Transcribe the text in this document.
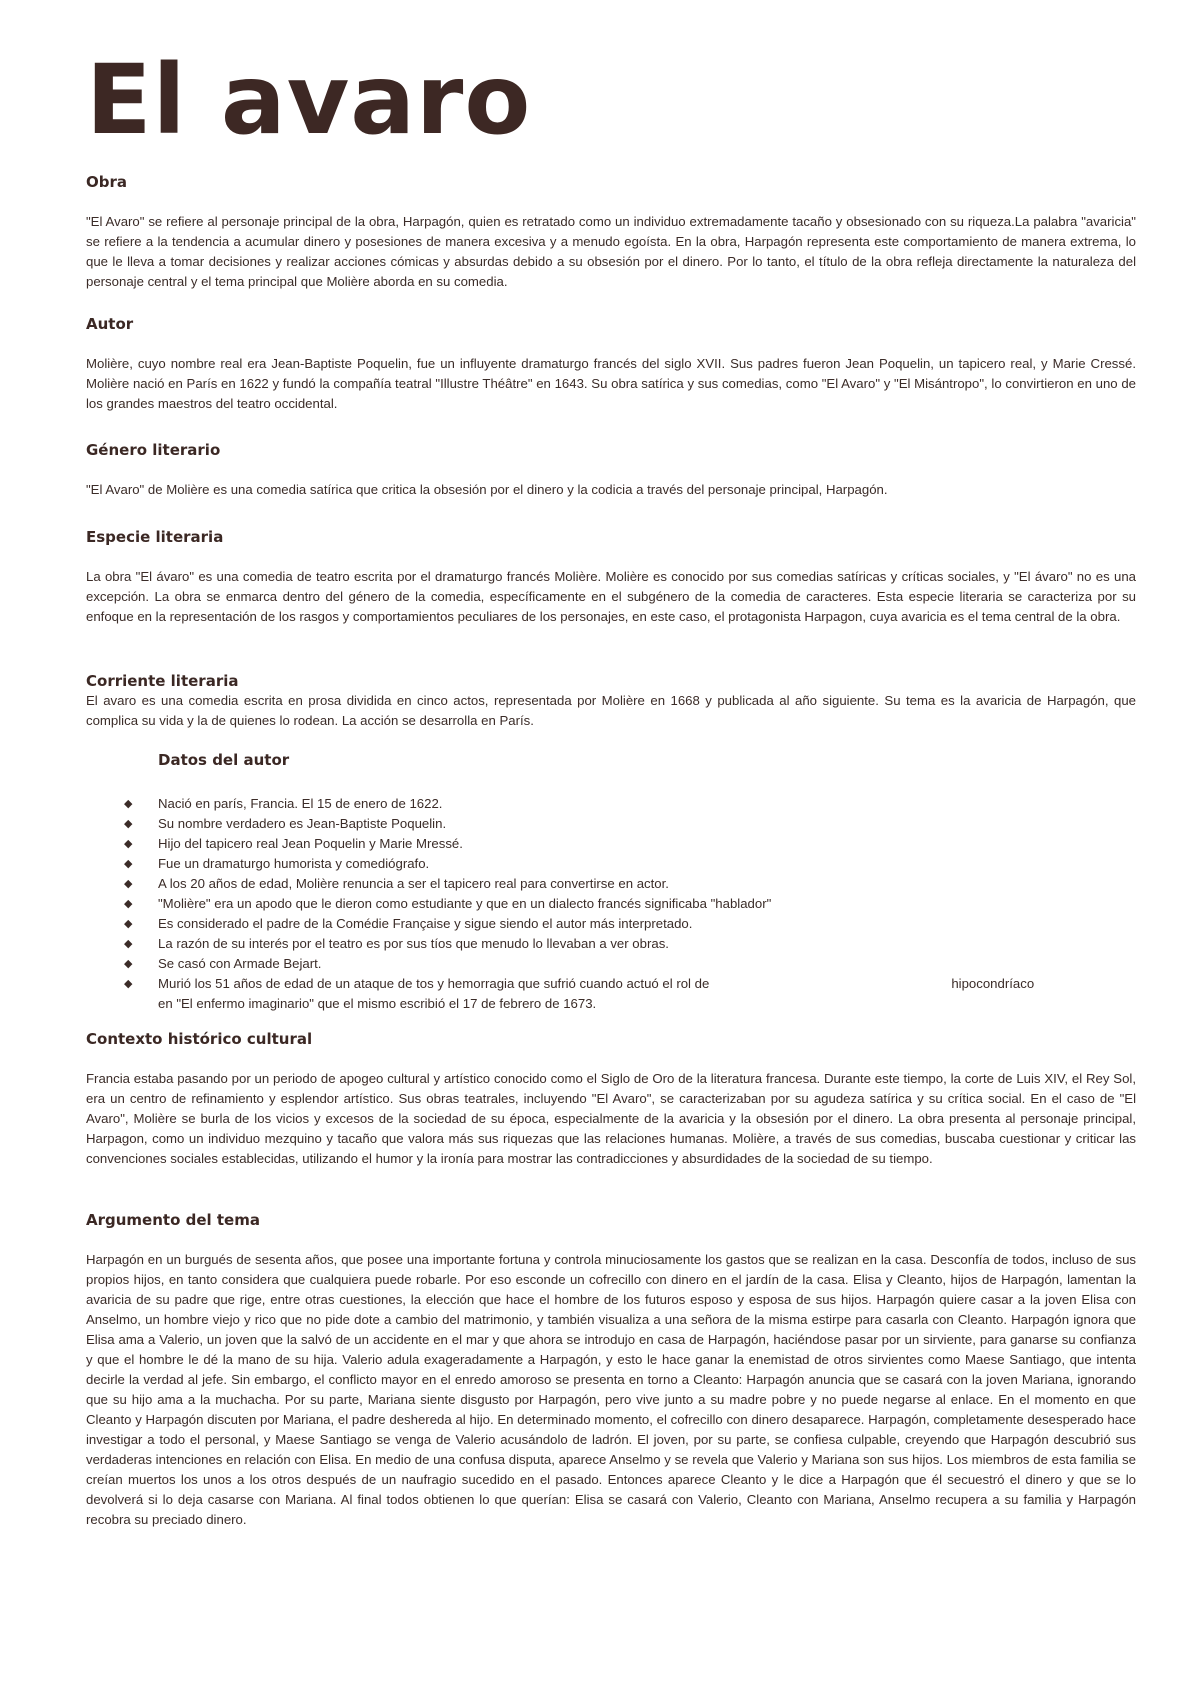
El avaro
Obra

"El Avaro" se refiere al personaje principal de la obra, Harpagón, quien es retratado como un individuo extremadamente tacaño y obsesionado con su riqueza.La palabra "avaricia" se refiere a la tendencia a acumular dinero y posesiones de manera excesiva y a menudo egoísta. En la obra, Harpagón representa este comportamiento de manera extrema, lo que le lleva a tomar decisiones y realizar acciones cómicas y absurdas debido a su obsesión por el dinero. Por lo tanto, el título de la obra refleja directamente la naturaleza del personaje central y el tema principal que Molière aborda en su comedia.

Autor

Molière, cuyo nombre real era Jean-Baptiste Poquelin, fue un influyente dramaturgo francés del siglo XVII. Sus padres fueron Jean Poquelin, un tapicero real, y Marie Cressé. Molière nació en París en 1622 y fundó la compañía teatral "Illustre Théâtre" en 1643. Su obra satírica y sus comedias, como "El Avaro" y "El Misántropo", lo convirtieron en uno de los grandes maestros del teatro occidental.

Género literario

"El Avaro" de Molière es una comedia satírica que critica la obsesión por el dinero y la codicia a través del personaje principal, Harpagón.

Especie literaria

La obra "El ávaro" es una comedia de teatro escrita por el dramaturgo francés Molière. Molière es conocido por sus comedias satíricas y críticas sociales, y "El ávaro" no es una excepción. La obra se enmarca dentro del género de la comedia, específicamente en el subgénero de la comedia de caracteres. Esta especie literaria se caracteriza por su enfoque en la representación de los rasgos y comportamientos peculiares de los personajes, en este caso, el protagonista Harpagon, cuya avaricia es el tema central de la obra.

Corriente literaria

El avaro es una comedia escrita en prosa dividida en cinco actos, representada por Molière en 1668 y publicada al año siguiente. Su tema es la avaricia de Harpagón, que complica su vida y la de quienes lo rodean. La acción se desarrolla en París.

Datos del autor
◆ Nació en parís, Francia. El 15 de enero de 1622.
◆ Su nombre verdadero es Jean-Baptiste Poquelin.
◆ Hijo del tapicero real Jean Poquelin y Marie Mressé.
◆ Fue un dramaturgo humorista y comediógrafo.
◆ A los 20 años de edad, Molière renuncia a ser el tapicero real para convertirse en actor.
◆ "Molière" era un apodo que le dieron como estudiante y que en un dialecto francés significaba "hablador"
◆ Es considerado el padre de la Comédie Française y sigue siendo el autor más interpretado.
◆ La razón de su interés por el teatro es por sus tíos que menudo lo llevaban a ver obras.
◆ Se casó con Armade Bejart.
◆ Murió los 51 años de edad de un ataque de tos y hemorragia que sufrió cuando actuó el rol de	hipocondríaco
en "El enfermo imaginario" que el mismo escribió el 17 de febrero de 1673.
Contexto histórico cultural

Francia estaba pasando por un periodo de apogeo cultural y artístico conocido como el Siglo de Oro de la literatura francesa. Durante este tiempo, la corte de Luis XIV, el Rey Sol, era un centro de refinamiento y esplendor artístico. Sus obras teatrales, incluyendo "El Avaro", se caracterizaban por su agudeza satírica y su crítica social. En el caso de "El Avaro", Molière se burla de los vicios y excesos de la sociedad de su época, especialmente de la avaricia y la obsesión por el dinero. La obra presenta al personaje principal, Harpagon, como un individuo mezquino y tacaño que valora más sus riquezas que las relaciones humanas. Molière, a través de sus comedias, buscaba cuestionar y criticar las convenciones sociales establecidas, utilizando el humor y la ironía para mostrar las contradicciones y absurdidades de la sociedad de su tiempo.

Argumento del tema

Harpagón en un burgués de sesenta años, que posee una importante fortuna y controla minuciosamente los gastos que se realizan en la casa. Desconfía de todos, incluso de sus propios hijos, en tanto considera que cualquiera puede robarle. Por eso esconde un cofrecillo con dinero en el jardín de la casa. Elisa y Cleanto, hijos de Harpagón, lamentan la avaricia de su padre que rige, entre otras cuestiones, la elección que hace el hombre de los futuros esposo y esposa de sus hijos. Harpagón quiere casar a la joven Elisa con Anselmo, un hombre viejo y rico que no pide dote a cambio del matrimonio, y también visualiza a una señora de la misma estirpe para casarla con Cleanto. Harpagón ignora que Elisa ama a Valerio, un joven que la salvó de un accidente en el mar y que ahora se introdujo en casa de Harpagón, haciéndose pasar por un sirviente, para ganarse su confianza y que el hombre le dé la mano de su hija. Valerio adula exageradamente a Harpagón, y esto le hace ganar la enemistad de otros sirvientes como Maese Santiago, que intenta decirle la verdad al jefe. Sin embargo, el conflicto mayor en el enredo amoroso se presenta en torno a Cleanto: Harpagón anuncia que se casará con la joven Mariana, ignorando que su hijo ama a la muchacha. Por su parte, Mariana siente disgusto por Harpagón, pero vive junto a su madre pobre y no puede negarse al enlace. En el momento en que Cleanto y Harpagón discuten por Mariana, el padre deshereda al hijo. En determinado momento, el cofrecillo con dinero desaparece. Harpagón, completamente desesperado hace investigar a todo el personal, y Maese Santiago se venga de Valerio acusándolo de ladrón. El joven, por su parte, se confiesa culpable, creyendo que Harpagón descubrió sus verdaderas intenciones en relación con Elisa. En medio de una confusa disputa, aparece Anselmo y se revela que Valerio y Mariana son sus hijos. Los miembros de esta familia se creían muertos los unos a los otros después de un naufragio sucedido en el pasado. Entonces aparece Cleanto y le dice a Harpagón que él secuestró el dinero y que se lo devolverá si lo deja casarse con Mariana. Al final todos obtienen lo que querían: Elisa se casará con Valerio, Cleanto con Mariana, Anselmo recupera a su familia y Harpagón recobra su preciado dinero.
